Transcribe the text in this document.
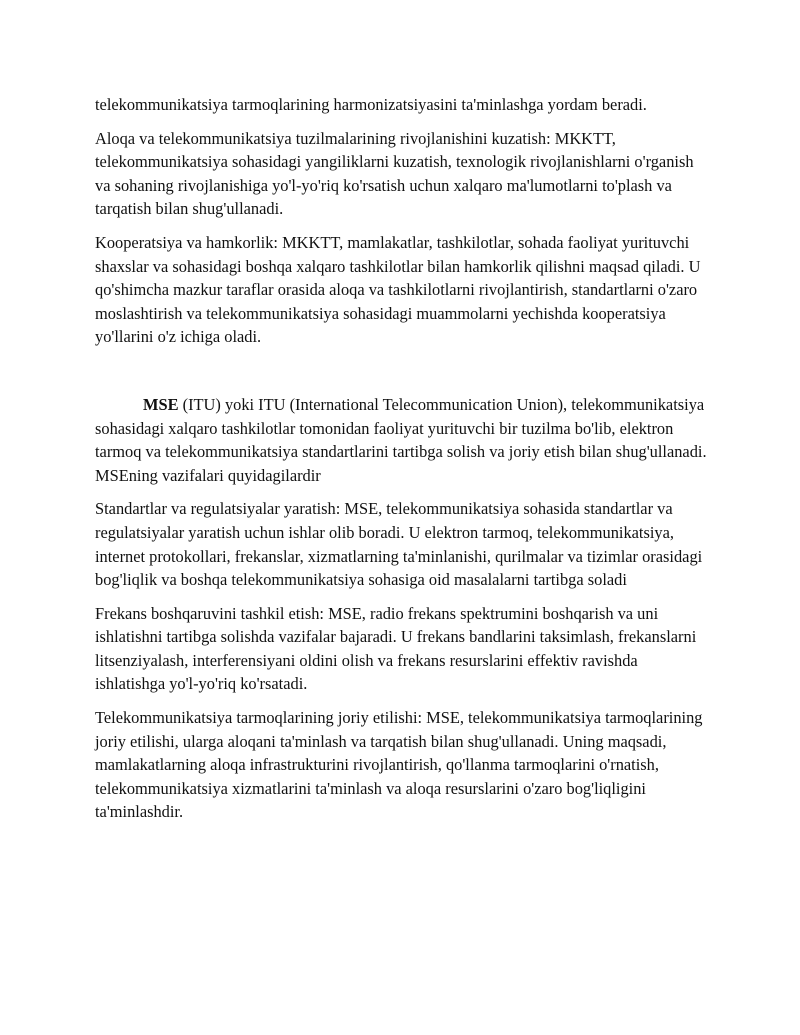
telekommunikatsiya tarmoqlarining harmonizatsiyasini ta'minlashga yordam beradi.

Aloqa va telekommunikatsiya tuzilmalarining rivojlanishini kuzatish: MKKTT, telekommunikatsiya sohasidagi yangiliklarni kuzatish, texnologik rivojlanishlarni o'rganish va sohaning rivojlanishiga yo'l-yo'riq ko'rsatish uchun xalqaro ma'lumotlarni to'plash va tarqatish bilan shug'ullanadi.

Kooperatsiya va hamkorlik: MKKTT, mamlakatlar, tashkilotlar, sohada faoliyat yurituvchi shaxslar va sohasidagi boshqa xalqaro tashkilotlar bilan hamkorlik qilishni maqsad qiladi. U qo'shimcha mazkur taraflar orasida aloqa va tashkilotlarni rivojlantirish, standartlarni o'zaro moslashtirish va telekommunikatsiya sohasidagi muammolarni yechishda kooperatsiya yo'llarini o'z ichiga oladi.

MSE (ITU) yoki ITU (International Telecommunication Union), telekommunikatsiya sohasidagi xalqaro tashkilotlar tomonidan faoliyat yurituvchi bir tuzilma bo'lib, elektron tarmoq va telekommunikatsiya standartlarini tartibga solish va joriy etish bilan shug'ullanadi. MSEning vazifalari quyidagilardir

Standartlar va regulatsiyalar yaratish: MSE, telekommunikatsiya sohasida standartlar va regulatsiyalar yaratish uchun ishlar olib boradi. U elektron tarmoq, telekommunikatsiya, internet protokollari, frekanslar, xizmatlarning ta'minlanishi, qurilmalar va tizimlar orasidagi bog'liqlik va boshqa telekommunikatsiya sohasiga oid masalalarni tartibga soladi

Frekans boshqaruvini tashkil etish: MSE, radio frekans spektrumini boshqarish va uni ishlatishni tartibga solishda vazifalar bajaradi. U frekans bandlarini taksimlash, frekanslarni litsenziyalash, interferensiyani oldini olish va frekans resurslarini effektiv ravishda ishlatishga yo'l-yo'riq ko'rsatadi.

Telekommunikatsiya tarmoqlarining joriy etilishi: MSE, telekommunikatsiya tarmoqlarining joriy etilishi, ularga aloqani ta'minlash va tarqatish bilan shug'ullanadi. Uning maqsadi, mamlakatlarning aloqa infrastrukturini rivojlantirish, qo'llanma tarmoqlarini o'rnatish, telekommunikatsiya xizmatlarini ta'minlash va aloqa resurslarini o'zaro bog'liqligini ta'minlashdir.
